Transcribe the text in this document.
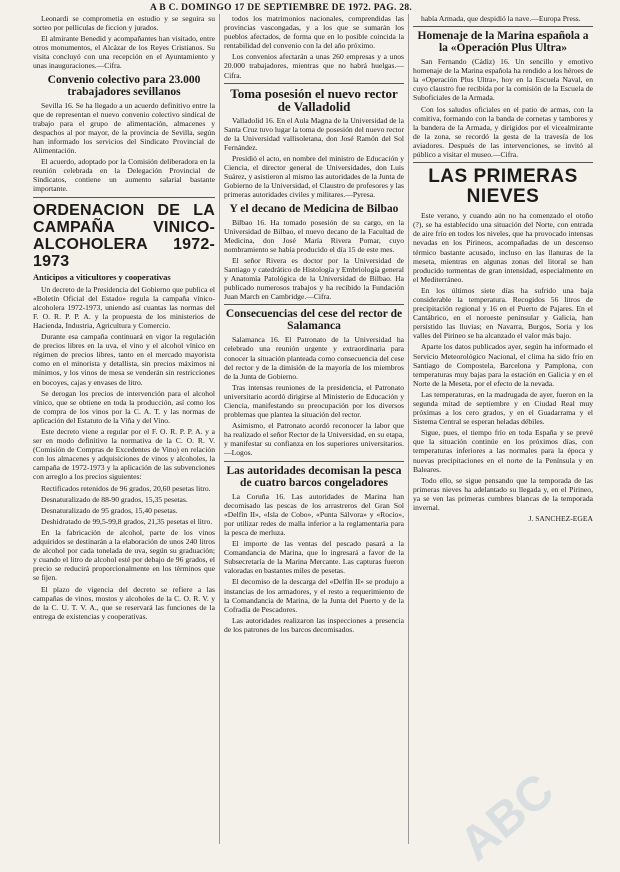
A B C. DOMINGO 17 DE SEPTIEMBRE DE 1972. PAG. 28.

Leonardi se comprometia en estudio y se seguira su sorteo por pelliculas de ficcion y jurados.

El almirante Benedid y acompañantes han visitado, entre otros monumentos, el Alcázar de los Reyes Cristianos. Su visita concluyó con una recepción en el Ayuntamiento y unas inauguraciones.—Cifra.

Convenio colectivo para 23.000 trabajadores sevillanos

Sevilla 16. Se ha llegado a un acuerdo definitivo entre la que de representan el nuevo convenio colectivo sindical de trabajo para el grupo de alimentación, almacenes y despachos al por mayor, de la provincia de Sevilla, según han informado los servicios del Sindicato Provincial de Alimentación.

El acuerdo, adoptado por la Comisión deliberadora en la reunión celebrada en la Delegación Provincial de Sindicatos, contiene un aumento salarial bastante importante.

ORDENACION DE LA CAMPAÑA VINICO-ALCOHOLERA 1972-1973
Anticipos a viticultores y cooperativas

Un decreto de la Presidencia del Gobierno que publica el «Boletín Oficial del Estado» regula la campaña vínico-alcoholera 1972-1973, uniendo así cuantas las normas del F. O. R. P. P. A. y la propuesta de los ministerios de Hacienda, Industria, Agricultura y Comercio.

Durante esa campaña continuará en vigor la regulación de precios libres en la uva, el vino y el alcohol vínico en régimen de precios libres, tanto en el mercado mayorista como en el minorista y detallista, sin precios máximos ni mínimos, y los vinos de mesa se venderán sin restricciones en bocoyes, cajas y envases de litro.

Se derogan los precios de intervención para el alcohol vínico, que se obtiene en toda la producción, así como los de compra de los vinos por la C. A. T. y las normas de aplicación del Estatuto de la Viña y del Vino.

Este decreto viene a regular por el F. O. R. P. P. A. y a ser en modo definitivo la normativa de la C. O. R. V. (Comisión de Compras de Excedentes de Vino) en relación con los almacenes y adquisiciones de vinos y alcoholes, la campaña de 1972-1973 y la aplicación de las subvenciones con arreglo a los precios siguientes:

Rectificados retenidos de 96 grados, 20,60 pesetas litro.

Desnaturalizado de 88-90 grados, 15,35 pesetas.

Desnaturalizado de 95 grados, 15,40 pesetas.

Deshidratado de 99,5-99,8 grados, 21,35 pesetas el litro.

En la fabricación de alcohol, parte de los vinos adquiridos se destinarán a la elaboración de unos 240 litros de alcohol por cada tonelada de uva, según su graduación; y cuando el litro de alcohol esté por debajo de 96 grados, el precio se reducirá proporcionalmente en los términos que se fijen.

El plazo de vigencia del decreto se refiere a las campañas de vinos, mostos y alcoholes de la C. O. R. V. y de la C. U. T. V. A., que se reservará las funciones de la entrega de existencias y cooperativas.

todos los matrimonios nacionales, comprendidas las provincias vascongadas, y a los que se sumarán los pueblos afectados, de forma que en lo posible coincida la rentabilidad del convenio con la del año próximo.

Los convenios afectarán a unas 260 empresas y a unos 20.000 trabajadores, mientras que no habrá huelgas.—Cifra.

Toma posesión el nuevo rector de Valladolid

Valladolid 16. En el Aula Magna de la Universidad de la Santa Cruz tuvo lugar la toma de posesión del nuevo rector de la Universidad vallisoletana, don José Ramón del Sol Fernández.

Presidió el acto, en nombre del ministro de Educación y Ciencia, el director general de Universidades, don Luis Suárez, y asistieron al mismo las autoridades de la Junta de Gobierno de la Universidad, el Claustro de profesores y las primeras autoridades civiles y militares.—Pyresa.

Y el decano de Medicina de Bilbao

Bilbao 16. Ha tomado posesión de su cargo, en la Universidad de Bilbao, el nuevo decano de la Facultad de Medicina, don José María Rivera Pomar, cuyo nombramiento se había producido el día 15 de este mes.

El señor Rivera es doctor por la Universidad de Santiago y catedrático de Histología y Embriología general y Anatomía Patológica de la Universidad de Bilbao. Ha publicado numerosos trabajos y ha recibido la Fundación Juan March en Cambridge.—Cifra.

Consecuencias del cese del rector de Salamanca

Salamanca 16. El Patronato de la Universidad ha celebrado una reunión urgente y extraordinaria para conocer la situación planteada como consecuencia del cese del rector y de la dimisión de la mayoría de los miembros de la Junta de Gobierno.

Tras intensas reuniones de la presidencia, el Patronato universitario acordó dirigirse al Ministerio de Educación y Ciencia, manifestando su preocupación por los diversos problemas que plantea la situación del rector.

Asimismo, el Patronato acordó reconocer la labor que ha realizado el señor Rector de la Universidad, en su etapa, y manifestar su confianza en los superiores universitarios.—Logos.

Las autoridades decomisan la pesca de cuatro barcos congeladores

La Coruña 16. Las autoridades de Marina han decomisado las pescas de los arrastreros del Gran Sol «Delfín II», «Isla de Cobo», «Punta Sálvora» y «Rocío», por utilizar redes de malla inferior a la reglamentaria para la pesca de merluza.

El importe de las ventas del pescado pasará a la Comandancia de Marina, que lo ingresará a favor de la Subsecretaría de la Marina Mercante. Las capturas fueron valoradas en bastantes miles de pesetas.

El decomiso de la descarga del «Delfín II» se produjo a instancias de los armadores, y el resto a requerimiento de la Comandancia de Marina, de la Junta del Puerto y de la Cofradía de Pescadores.

Las autoridades realizaron las inspecciones a presencia de los patrones de los barcos decomisados.

había Armada, que despidió la nave.—Europa Press.

Homenaje de la Marina española a la «Operación Plus Ultra»

San Fernando (Cádiz) 16. Un sencillo y emotivo homenaje de la Marina española ha rendido a los héroes de la «Operación Plus Ultra», hoy en la Escuela Naval, en cuyo claustro fue recibida por la comisión de la Escuela de Suboficiales de la Armada.

Con los saludos oficiales en el patio de armas, con la comitiva, formando con la banda de cornetas y tambores y la bandera de la Armada, y dirigidos por el vicealmirante de la zona, se recordó la gesta de la travesía de los aviadores. Después de las intervenciones, se invitó al público a visitar el museo.—Cifra.

LAS PRIMERAS NIEVES

Este verano, y cuando aún no ha comenzado el otoño (?), se ha establecido una situación del Norte, con entrada de aire frío en todos los niveles, que ha provocado intensas nevadas en los Pirineos, acompañadas de un descenso térmico bastante acusado, incluso en las llanuras de la meseta, mientras en algunas zonas del litoral se han producido tormentas de gran intensidad, especialmente en el Mediterráneo.

En los últimos siete días ha sufrido una baja considerable la temperatura. Recogidos 56 litros de precipitación regional y 16 en el Puerto de Pajares. En el Cantábrico, en el noroeste peninsular y Galicia, han persistido las lluvias; en Navarra, Burgos, Soria y los valles del Pirineo se ha alcanzado el valor más bajo.

Aparte los datos publicados ayer, según ha informado el Servicio Meteorológico Nacional, el clima ha sido frío en Santiago de Compostela, Barcelona y Pamplona, con temperaturas muy bajas para la estación en Galicia y en el Norte de la Meseta, por el efecto de la nevada.

Las temperaturas, en la madrugada de ayer, fueron en la segunda mitad de septiembre y en Ciudad Real muy próximas a los cero grados, y en el Guadarrama y el Sistema Central se esperan heladas débiles.

Sigue, pues, el tiempo frío en toda España y se prevé que la situación continúe en los próximos días, con temperaturas inferiores a las normales para la época y nuevas precipitaciones en el norte de la Península y en Baleares.

Todo ello, se sigue pensando que la temporada de las primeras nieves ha adelantado su llegada y, en el Pirineo, ya se ven las primeras cumbres blancas de la temporada invernal.

J. SANCHEZ-EGEA

ABC
